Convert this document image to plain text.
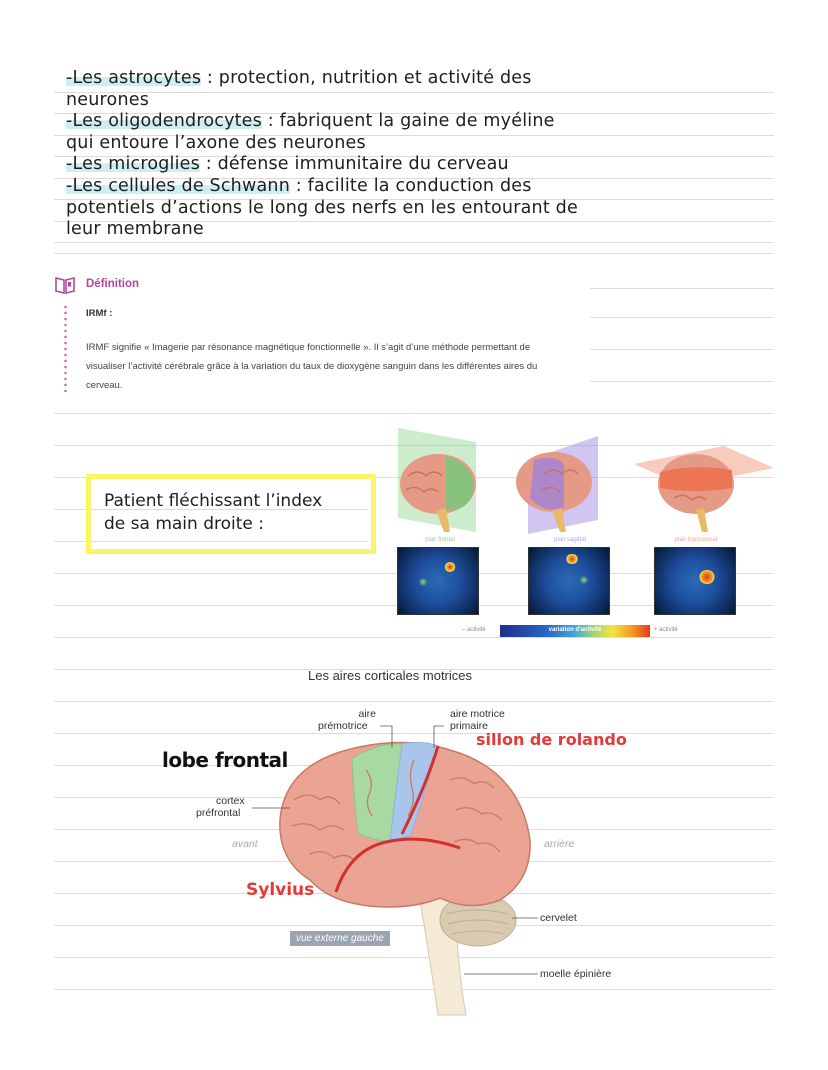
-Les astrocytes : protection, nutrition et activité des
neurones
-Les oligodendrocytes : fabriquent la gaine de myéline
qui entoure l’axone des neurones
-Les microglies : défense immunitaire du cerveau
-Les cellules de Schwann : facilite la conduction des
potentiels d’actions le long des nerfs en les entourant de
leur membrane
Définition
IRMf :
IRMF signifie « Imagerie par résonance magnétique fonctionnelle ». Il s’agit d’une méthode permettant de visualiser l’activité cérébrale grâce à la variation du taux de dioxygène sanguin dans les différentes aires du cerveau.
Patient fléchissant l’index
de sa main droite :
plan frontal	plan sagittal	plan transversal
– activité	variation d’activité	+ activité
Les aires corticales motrices
aire
prémotrice
aire motrice
primaire
cortex
préfrontal
avant	arrière
cervelet
moelle épinière
vue externe gauche
lobe frontal
sillon de rolando
Sylvius
